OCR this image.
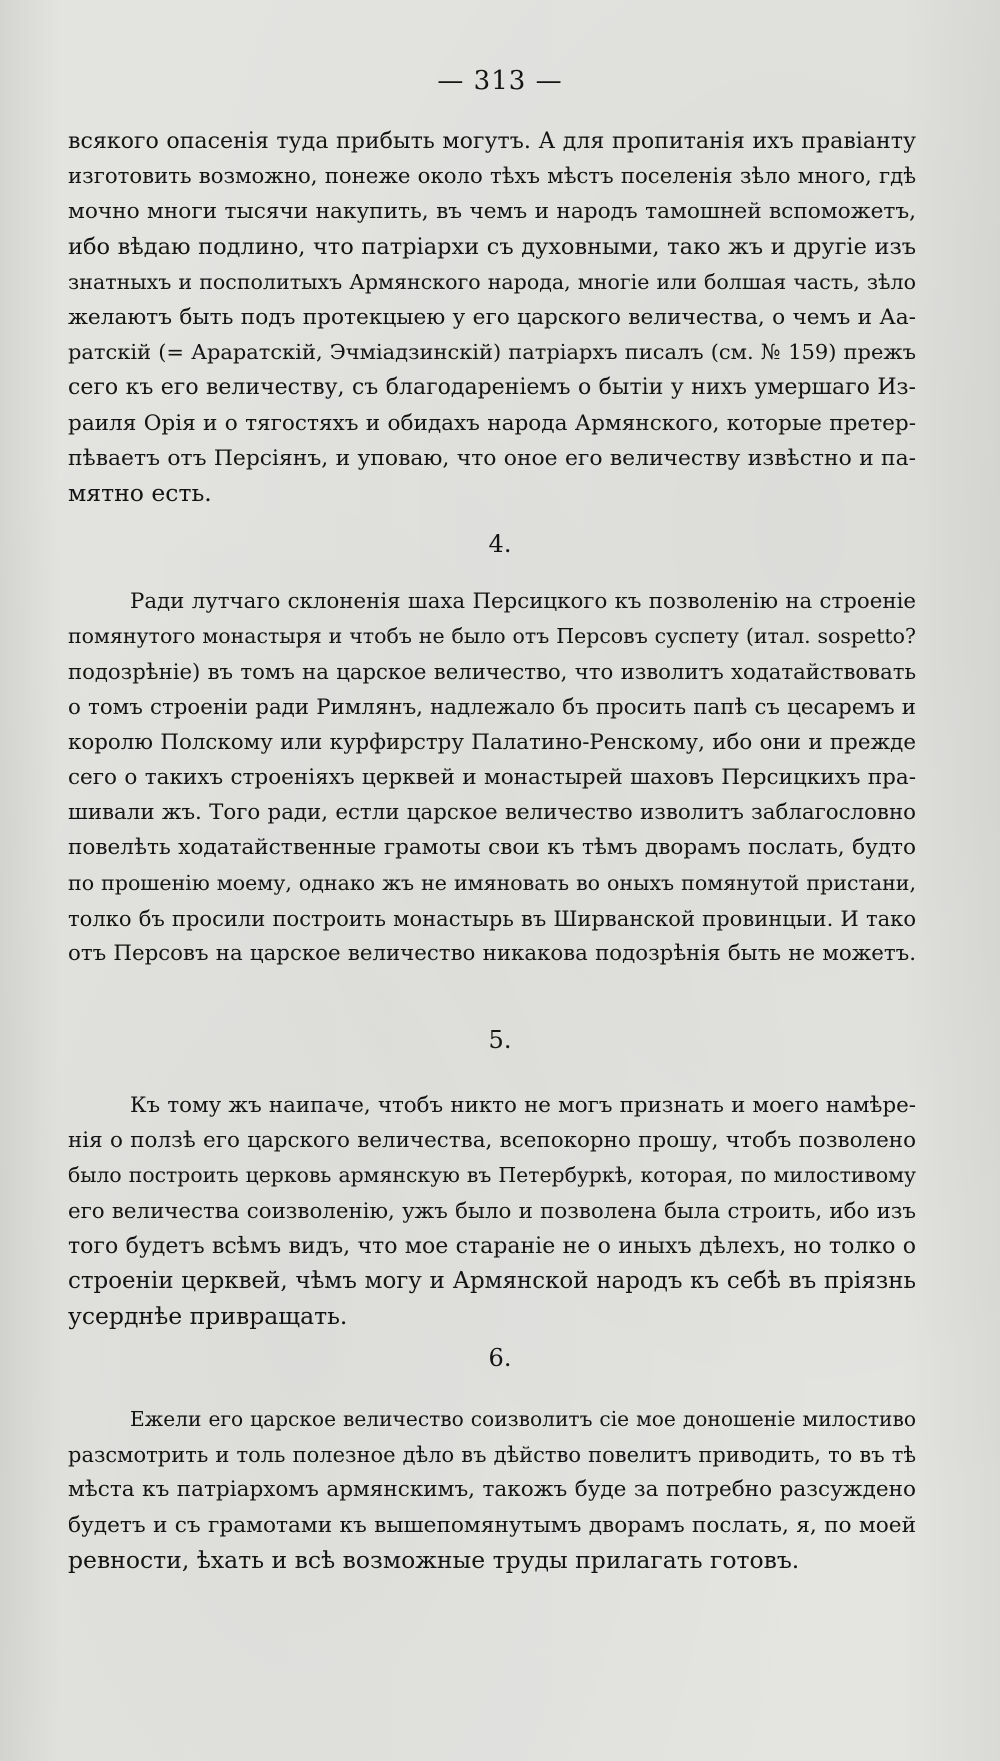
— 313 —
всякого опасенія туда прибыть могутъ. А для пропитанія ихъ правіанту
изготовить возможно, понеже около тѣхъ мѣстъ поселенія зѣло много, гдѣ
мочно многи тысячи накупить, въ чемъ и народъ тамошней вспоможетъ,
ибо вѣдаю подлино, что патріархи съ духовными, тако жъ и другіе изъ
знатныхъ и посполитыхъ Армянского народа, многіе или болшая часть, зѣло
желаютъ быть подъ протекцыею у его царского величества, о чемъ и Аа-
ратскій (= Араратскій, Эчміадзинскій) патріархъ писалъ (см. № 159) прежъ
сего къ его величеству, съ благодареніемъ о бытіи у нихъ умершаго Из-
раиля Орія и о тягостяхъ и обидахъ народа Армянского, которые претер-
пѣваетъ отъ Персіянъ, и уповаю, что оное его величеству извѣстно и па-
мятно есть.
4.
Ради лутчаго склоненія шаха Персицкого къ позволенію на строеніе
помянутого монастыря и чтобъ не было отъ Персовъ суспету (итал. sospetto?
подозрѣніе) въ томъ на царское величество, что изволитъ ходатайствовать
о томъ строеніи ради Римлянъ, надлежало бъ просить папѣ съ цесаремъ и
королю Полскому или курфирстру Палатино-Ренскому, ибо они и прежде
сего о такихъ строеніяхъ церквей и монастырей шаховъ Персицкихъ пра-
шивали жъ. Того ради, естли царское величество изволитъ заблагословно
повелѣть ходатайственные грамоты свои къ тѣмъ дворамъ послать, будто
по прошенію моему, однако жъ не имяновать во оныхъ помянутой пристани,
толко бъ просили построить монастырь въ Ширванской провинцыи. И тако
отъ Персовъ на царское величество никакова подозрѣнія быть не можетъ.
5.
Къ тому жъ наипаче, чтобъ никто не могъ признать и моего намѣре-
нія о ползѣ его царского величества, всепокорно прошу, чтобъ позволено
было построить церковь армянскую въ Петербуркѣ, которая, по милостивому
его величества соизволенію, ужъ было и позволена была строить, ибо изъ
того будетъ всѣмъ видъ, что мое стараніе не о иныхъ дѣлехъ, но толко о
строеніи церквей, чѣмъ могу и Армянской народъ къ себѣ въ пріязнь
усерднѣе привращать.
6.
Ежели его царское величество соизволитъ сіе мое доношеніе милостиво
разсмотрить и толь полезное дѣло въ дѣйство повелитъ приводить, то въ тѣ
мѣста къ патріархомъ армянскимъ, такожъ буде за потребно разсуждено
будетъ и съ грамотами къ вышепомянутымъ дворамъ послать, я, по моей
ревности, ѣхать и всѣ возможные труды прилагать готовъ.
